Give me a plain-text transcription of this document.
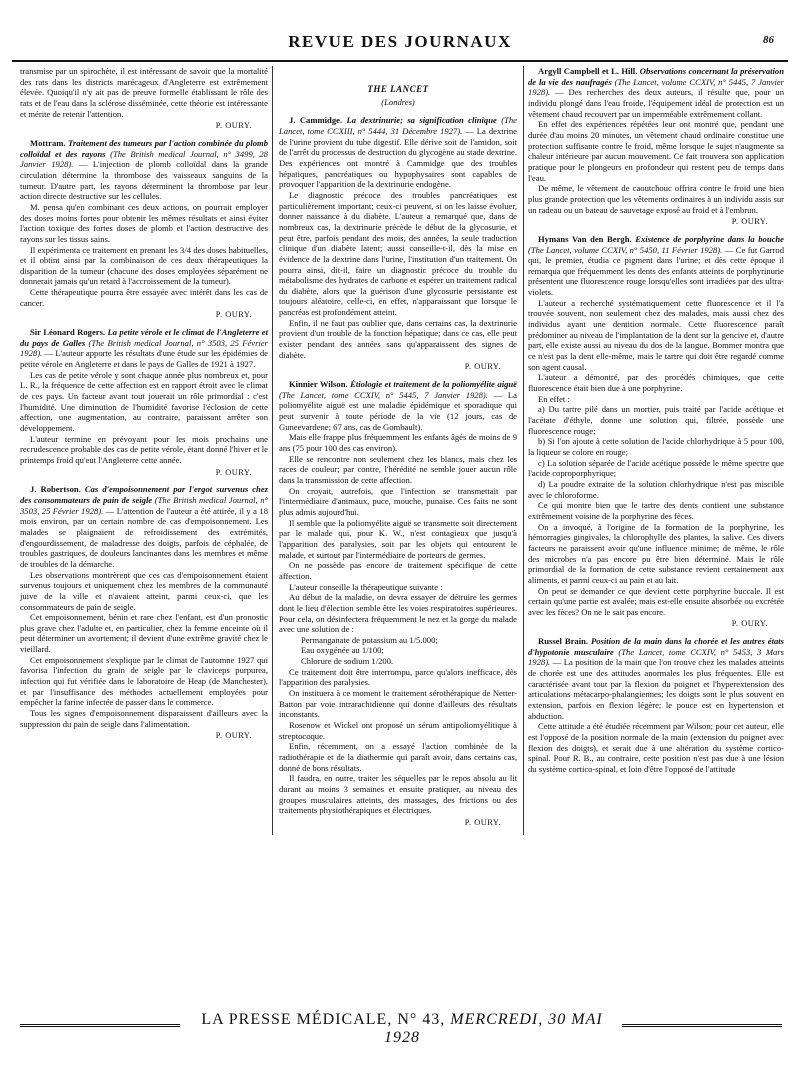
REVUE DES JOURNAUX	86

transmise par un spirochète, il est intéressant de savoir que la mortalité des rats dans les districts marécageux d'Angleterre est extrêmement élevée. Quoiqu'il n'y ait pas de preuve formelle établissant le rôle des rats et de l'eau dans la sclérose disséminée, cette théorie est intéressante et mérite de retenir l'attention.

P. OURY.

Mottram. Traitement des tumeurs par l'action combinée du plomb colloïdal et des rayons (The British medical Journal, n° 3499, 28 Janvier 1928). — L'injection de plomb colloïdal dans la grande circulation détermine la thrombose des vaisseaux sanguins de la tumeur. D'autre part, les rayons déterminent la thrombose par leur action directe destructive sur les cellules.

M. pensa qu'en combinant ces deux actions, on pourrait employer des doses moins fortes pour obtenir les mêmes résultats et ainsi éviter l'action toxique des fortes doses de plomb et l'action destructive des rayons sur les tissus sains.

Il expérimenta ce traitement en prenant les 3/4 des doses habituelles, et il obtint ainsi par la combinaison de ces deux thérapeutiques la disparition de la tumeur (chacune des doses employées séparément ne donnerait jamais qu'un retard à l'accroissement de la tumeur).

Cette thérapeutique pourra être essayée avec intérêt dans les cas de cancer.

P. OURY.

Sir Léonard Rogers. La petite vérole et le climat de l'Angleterre et du pays de Galles (The British medical Journal, n° 3503, 25 Février 1928). — L'auteur apporte les résultats d'une étude sur les épidémies de petite vérole en Angleterre et dans le pays de Galles de 1921 à 1927.

Les cas de petite vérole y sont chaque année plus nombreux et, pour L. R., la fréquence de cette affection est en rapport étroit avec le climat de ces pays. Un facteur avant tout jouerait un rôle primordial : c'est l'humidité. Une diminution de l'humidité favorise l'éclosion de cette affection, une augmentation, au contraire, paraissant arrêter son développement.

L'auteur termine en prévoyant pour les mois prochains une recrudescence probable des cas de petite vérole, étant donné l'hiver et le printemps froid qu'eut l'Angleterre cette année.

P. OURY.

J. Robertson. Cas d'empoisonnement par l'ergot survenus chez des consommateurs de pain de seigle (The British medical Journal, n° 3503, 25 Février 1928). — L'attention de l'auteur a été attirée, il y a 18 mois environ, par un certain nombre de cas d'empoisonnement. Les malades se plaignaient de refroidissement des extrémités, d'engourdissement, de maladresse des doigts, parfois de céphalée, de troubles gastriques, de douleurs lancinantes dans les membres et même de troubles de la démarche.

Les observations montrèrent que ces cas d'empoisonnement étaient survenus toujours et uniquement chez les membres de la communauté juive de la ville et n'avaient atteint, parmi ceux-ci, que les consommateurs de pain de seigle.

Cet empoisonnement, bénin et rare chez l'enfant, est d'un pronostic plus grave chez l'adulte et, en particulier, chez la femme enceinte où il peut déterminer un avortement; il devient d'une extrême gravité chez le vieillard.

Cet empoisonnement s'explique par le climat de l'automne 1927 qui favorisa l'infection du grain de seigle par le claviceps purpurea, infection qui fut vérifiée dans le laboratoire de Heap (de Manchester), et par l'insuffisance des méthodes actuellement employées pour empêcher la farine infectée de passer dans le commerce.

Tous les signes d'empoisonnement disparaissent d'ailleurs avec la suppression du pain de seigle dans l'alimentation.

P. OURY.
THE LANCET
(Londres)

J. Cammidge. La dextrinurie; sa signification clinique (The Lancet, tome CCXIII, n° 5444, 31 Décembre 1927). — La dextrine de l'urine provient du tube digestif. Elle dérive soit de l'amidon, soit de l'arrêt du processus de destruction du glycogène au stade dextrine. Des expériences ont montré à Cammidge que des troubles hépatiques, pancréatiques ou hypophysaires sont capables de provoquer l'apparition de la dextrinurie endogène.

Le diagnostic précoce des troubles pancréatiques est particulièrement important; ceux-ci peuvent, si on les laisse évoluer, donner naissance à du diabète. L'auteur a remarqué que, dans de nombreux cas, la dextrinurie précède le début de la glycosurie, et peut être, parfois pendant des mois, des années, la seule traduction clinique d'un diabète latent; aussi conseille-t-il, dès la mise en évidence de la dextrine dans l'urine, l'institution d'un traitement. On pourra ainsi, dit-il, faire un diagnostic précoce du trouble du métabolisme des hydrates de carbone et espérer un traitement radical du diabète, alors que la guérison d'une glycosurie persistante est toujours aléatoire, celle-ci, en effet, n'apparaissant que lorsque le pancréas est profondément atteint.

Enfin, il ne faut pas oublier que, dans certains cas, la dextrinurie provient d'un trouble de la fonction hépatique; dans ce cas, elle peut exister pendant des années sans qu'apparaissent des signes de diabète.

P. OURY.

Kinnier Wilson. Étiologie et traitement de la poliomyélite aiguë (The Lancet, tome CCXIV, n° 5445, 7 Janvier 1928). — La poliomyélite aiguë est une maladie épidémique et sporadique qui peut survenir à toute période de la vie (12 jours, cas de Guneevardene; 67 ans, cas de Gombault).

Mais elle frappe plus fréquemment les enfants âgés de moins de 9 ans (75 pour 100 des cas environ).

Elle se rencontre non seulement chez les blancs, mais chez les races de couleur; par contre, l'hérédité ne semble jouer aucun rôle dans la transmission de cette affection.

On croyait, autrefois, que l'infection se transmettait par l'intermédiaire d'animaux, puce, mouche, punaise. Ces faits ne sont plus admis aujourd'hui.

Il semble que la poliomyélite aiguë se transmette soit directement par le malade qui, pour K. W., n'est contagieux que jusqu'à l'apparition des paralysies, soit par les objets qui entourent le malade, et surtout par l'intermédiaire de porteurs de germes.

On ne possède pas encore de traitement spécifique de cette affection.

L'auteur conseille la thérapeutique suivante :

Au début de la maladie, on devra essayer de détruire les germes dont le lieu d'élection semble être les voies respiratoires supérieures. Pour cela, on désinfectera fréquemment le nez et la gorge du malade avec une solution de :

Permanganate de potassium au 1/5.000;

Eau oxygénée au 1/100;

Chlorure de sodium 1/200.

Ce traitement doit être interrompu, parce qu'alors inefficace, dès l'apparition des paralysies.

On instituera à ce moment le traitement sérothérapique de Netter-Batton par voie intrarachidienne qui donne d'ailleurs des résultats inconstants.

Rosenow et Wickel ont proposé un sérum antipoliomyélitique à streptocoque.

Enfin, récemment, on a essayé l'action combinée de la radiothérapie et de la diathermie qui paraît avoir, dans certains cas, donné de bons résultats.

Il faudra, en outre, traiter les séquelles par le repos absolu au lit durant au moins 3 semaines et ensuite pratiquer, au niveau des groupes musculaires atteints, des massages, des frictions ou des traitements physiothérapiques et électriques.

P. OURY.

Argyll Campbell et L. Hill. Observations concernant la préservation de la vie des naufragés (The Lancet, volume CCXIV, n° 5445, 7 Janvier 1928). — Des recherches des deux auteurs, il résulte que, pour un individu plongé dans l'eau froide, l'équipement idéal de protection est un vêtement chaud recouvert par un imperméable extrêmement collant.

En effet des expériences répétées leur ont montré que, pendant une durée d'au moins 20 minutes, un vêtement chaud ordinaire constitue une protection suffisante contre le froid, même lorsque le sujet n'augmente sa chaleur intérieure par aucun mouvement. Ce fait trouvera son application pratique pour le plongeurs en profondeur qui restent peu de temps dans l'eau.

De même, le vêtement de caoutchouc offrira contre le froid une bien plus grande protection que les vêtements ordinaires à un individu assis sur un radeau ou un bateau de sauvetage exposé au froid et à l'embrun.

P. OURY.

Hymans Van den Bergh. Existence de porphyrine dans la bouche (The Lancet, volume CCXIV, n° 5450, 11 Février 1928). — Ce fut Garrod qui, le premier, étudia ce pigment dans l'urine; et dès cette époque il remarqua que fréquemment les dents des enfants atteints de porphyrinurie présentent une fluorescence rouge lorsqu'elles sont irradiées par des ultra-violets.

L'auteur a recherché systématiquement cette fluorescence et il l'a trouvée souvent, non seulement chez des malades, mais aussi chez des individus ayant une dentition normale. Cette fluorescence paraît prédominer au niveau de l'implantation de la dent sur la gencive et, d'autre part, elle existe aussi au niveau du dos de la langue. Bommer montra que ce n'est pas la dent elle-même, mais le tartre qui doit être regardé comme son agent causal.

L'auteur a démontré, par des procédés chimiques, que cette fluorescence était bien due à une porphyrine.

En effet :

a) Du tartre pilé dans un mortier, puis traité par l'acide acétique et l'acétate d'éthyle, donne une solution qui, filtrée, possède une fluorescence rouge;

b) Si l'on ajoute à cette solution de l'acide chlorhydrique à 5 pour 100, la liqueur se colore en rouge;

c) La solution séparée de l'acide acétique possède le même spectre que l'acide coproporphyrique;

d) La poudre extraite de la solution chlorhydrique n'est pas miscible avec le chloroforme.

Ce qui montre bien que le tartre des dents contient une substance extrêmement voisine de la porphyrine des fèces.

On a invoqué, à l'origine de la formation de la porphyrine, les hémorragies gingivales, la chlorophylle des plantes, la salive. Ces divers facteurs ne paraissent avoir qu'une influence minime; de même, le rôle des microbes n'a pas encore pu être bien déterminé. Mais le rôle primordial de la formation de cette substance revient certainement aux aliments, et parmi ceux-ci au pain et au lait.

On peut se demander ce que devient cette porphyrine buccale. Il est certain qu'une partie est avalée; mais est-elle ensuite absorbée ou excrétée avec les fèces? On ne le sait pas encore.

P. OURY.

Russel Brain. Position de la main dans la chorée et les autres états d'hypotonie musculaire (The Lancet, tome CCXIV, n° 5453, 3 Mars 1928). — La position de la main que l'on trouve chez les malades atteints de chorée est une des attitudes anormales les plus fréquentes. Elle est caractérisée avant tout par la flexion du poignet et l'hyperextension des articulations métacarpo-phalangiennes; les doigts sont le plus souvent en extension, parfois en flexion légère; le pouce est en hypertension et abduction.

Cette attitude a été étudiée récemment par Wilson; pour cet auteur, elle est l'opposé de la position normale de la main (extension du poignet avec flexion des doigts), et serait due à une altération du système cortico-spinal. Pour R. B., au contraire, cette position n'est pas due à une lésion du système cortico-spinal, et loin d'être l'opposé de l'attitude

LA PRESSE MÉDICALE, N° 43, MERCREDI, 30 MAI 1928
